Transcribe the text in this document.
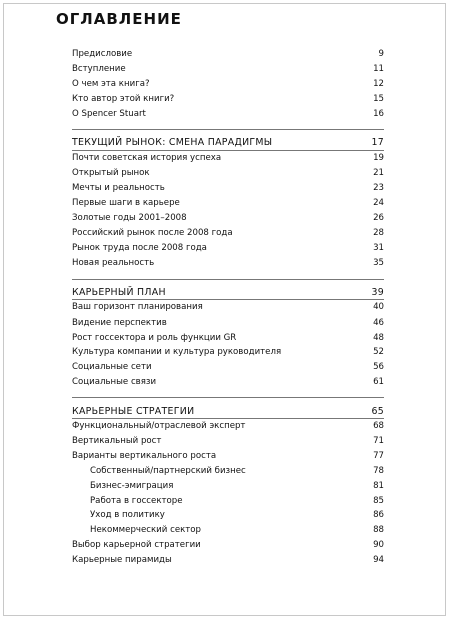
ОГЛАВЛЕНИЕ
Предисловие	9
Вступление	11
О чем эта книга?	12
Кто автор этой книги?	15
О Spencer Stuart	16
ТЕКУЩИЙ РЫНОК: СМЕНА ПАРАДИГМЫ	17
Почти советская история успеха	19
Открытый рынок	21
Мечты и реальность	23
Первые шаги в карьере	24
Золотые годы 2001–2008	26
Российский рынок после 2008 года	28
Рынок труда после 2008 года	31
Новая реальность	35
КАРЬЕРНЫЙ ПЛАН	39
Ваш горизонт планирования	40
Видение перспектив	46
Рост госсектора и роль функции GR	48
Культура компании и культура руководителя	52
Социальные сети	56
Социальные связи	61
КАРЬЕРНЫЕ СТРАТЕГИИ	65
Функциональный/отраслевой эксперт	68
Вертикальный рост	71
Варианты вертикального роста	77
Собственный/партнерский бизнес	78
Бизнес-эмиграция	81
Работа в госсекторе	85
Уход в политику	86
Некоммерческий сектор	88
Выбор карьерной стратегии	90
Карьерные пирамиды	94
